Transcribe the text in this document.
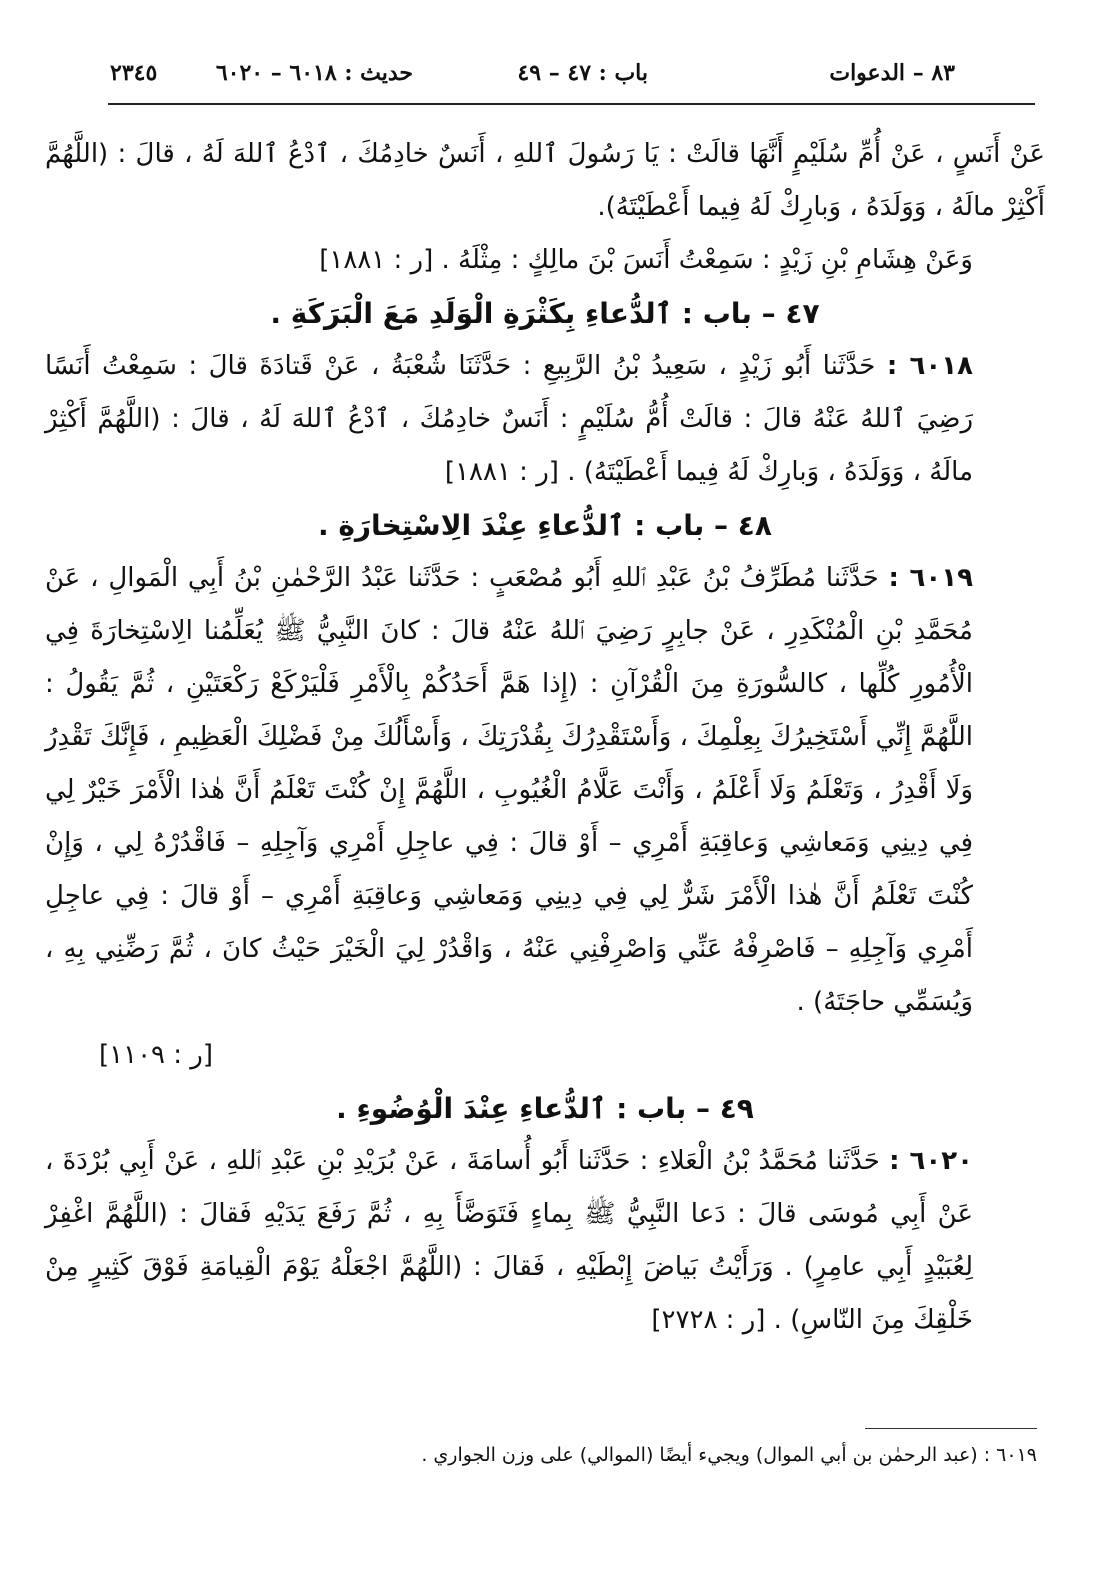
٨٣ – الدعوات
باب : ٤٧ – ٤٩
حديث : ٦٠١٨ – ٦٠٢٠
٢٣٤٥

عَنْ أَنَسٍ ، عَنْ أُمِّ سُلَيْمٍ أَنَّهَا قالَتْ : يَا رَسُولَ ٱللهِ ، أَنَسٌ خادِمُكَ ، ٱدْعُ ٱللهَ لَهُ ، قالَ : (اللَّهُمَّ أَكْثِرْ مالَهُ ، وَوَلَدَهُ ، وَبارِكْ لَهُ فِيما أَعْطَيْتَهُ).

وَعَنْ هِشَامِ بْنِ زَيْدٍ : سَمِعْتُ أَنَسَ بْنَ مالِكٍ : مِثْلَهُ . [ر : ١٨٨١]

٤٧ – باب : ٱلدُّعاءِ بِكَثْرَةِ الْوَلَدِ مَعَ الْبَرَكَةِ .

٦٠١٨ : حَدَّثَنا أَبُو زَيْدٍ ، سَعِيدُ بْنُ الرَّبِيعِ : حَدَّثَنَا شُعْبَةُ ، عَنْ قَتادَةَ قالَ : سَمِعْتُ أَنَسًا رَضِيَ ٱللهُ عَنْهُ قالَ : قالَتْ أُمُّ سُلَيْمٍ : أَنَسٌ خادِمُكَ ، ٱدْعُ ٱللهَ لَهُ ، قالَ : (اللَّهُمَّ أَكْثِرْ مالَهُ ، وَوَلَدَهُ ، وَبارِكْ لَهُ فِيما أَعْطَيْتَهُ) . [ر : ١٨٨١]

٤٨ – باب : ٱلدُّعاءِ عِنْدَ الِاسْتِخارَةِ .

٦٠١٩ : حَدَّثَنا مُطَرِّفُ بْنُ عَبْدِ ٱللهِ أَبُو مُصْعَبٍ : حَدَّثَنا عَبْدُ الرَّحْمٰنِ بْنُ أَبِي الْمَوالِ ، عَنْ مُحَمَّدِ بْنِ الْمُنْكَدِرِ ، عَنْ جابِرٍ رَضِيَ ٱللهُ عَنْهُ قالَ : كانَ النَّبِيُّ ﷺ يُعَلِّمُنا الِاسْتِخارَةَ فِي الْأُمُورِ كُلِّها ، كالسُّورَةِ مِنَ الْقُرْآنِ : (إِذا هَمَّ أَحَدُكُمْ بِالْأَمْرِ فَلْيَرْكَعْ رَكْعَتَيْنِ ، ثُمَّ يَقُولُ : اللَّهُمَّ إِنِّي أَسْتَخِيرُكَ بِعِلْمِكَ ، وَأَسْتَقْدِرُكَ بِقُدْرَتِكَ ، وَأَسْأَلُكَ مِنْ فَضْلِكَ الْعَظِيمِ ، فَإِنَّكَ تَقْدِرُ وَلَا أَقْدِرُ ، وَتَعْلَمُ وَلَا أَعْلَمُ ، وَأَنْتَ عَلَّامُ الْغُيُوبِ ، اللَّهُمَّ إِنْ كُنْتَ تَعْلَمُ أَنَّ هٰذا الْأَمْرَ خَيْرٌ لِي فِي دِينِي وَمَعاشِي وَعاقِبَةِ أَمْرِي – أَوْ قالَ : فِي عاجِلِ أَمْرِي وَآجِلِهِ – فَاقْدُرْهُ لِي ، وَإِنْ كُنْتَ تَعْلَمُ أَنَّ هٰذا الْأَمْرَ شَرٌّ لِي فِي دِينِي وَمَعاشِي وَعاقِبَةِ أَمْرِي – أَوْ قالَ : فِي عاجِلِ أَمْرِي وَآجِلِهِ – فَاصْرِفْهُ عَنِّي وَاصْرِفْنِي عَنْهُ ، وَاقْدُرْ لِيَ الْخَيْرَ حَيْثُ كانَ ، ثُمَّ رَضِّنِي بِهِ ، وَيُسَمِّي حاجَتَهُ) .
[ر : ١١٠٩]

٤٩ – باب : ٱلدُّعاءِ عِنْدَ الْوُضُوءِ .

٦٠٢٠ : حَدَّثَنا مُحَمَّدُ بْنُ الْعَلاءِ : حَدَّثَنا أَبُو أُسامَةَ ، عَنْ بُرَيْدِ بْنِ عَبْدِ ٱللهِ ، عَنْ أَبِي بُرْدَةَ ، عَنْ أَبِي مُوسَى قالَ : دَعا النَّبِيُّ ﷺ بِماءٍ فَتَوَضَّأَ بِهِ ، ثُمَّ رَفَعَ يَدَيْهِ فَقالَ : (اللَّهُمَّ اغْفِرْ لِعُبَيْدٍ أَبِي عامِرٍ) . وَرَأَيْتُ بَياضَ إِبْطَيْهِ ، فَقالَ : (اللَّهُمَّ اجْعَلْهُ يَوْمَ الْقِيامَةِ فَوْقَ كَثِيرٍ مِنْ خَلْقِكَ مِنَ النّاسِ) . [ر : ٢٧٢٨]

٦٠١٩ : (عبد الرحمٰن بن أبي الموال) ويجيء أيضًا (الموالي) على وزن الجواري .
